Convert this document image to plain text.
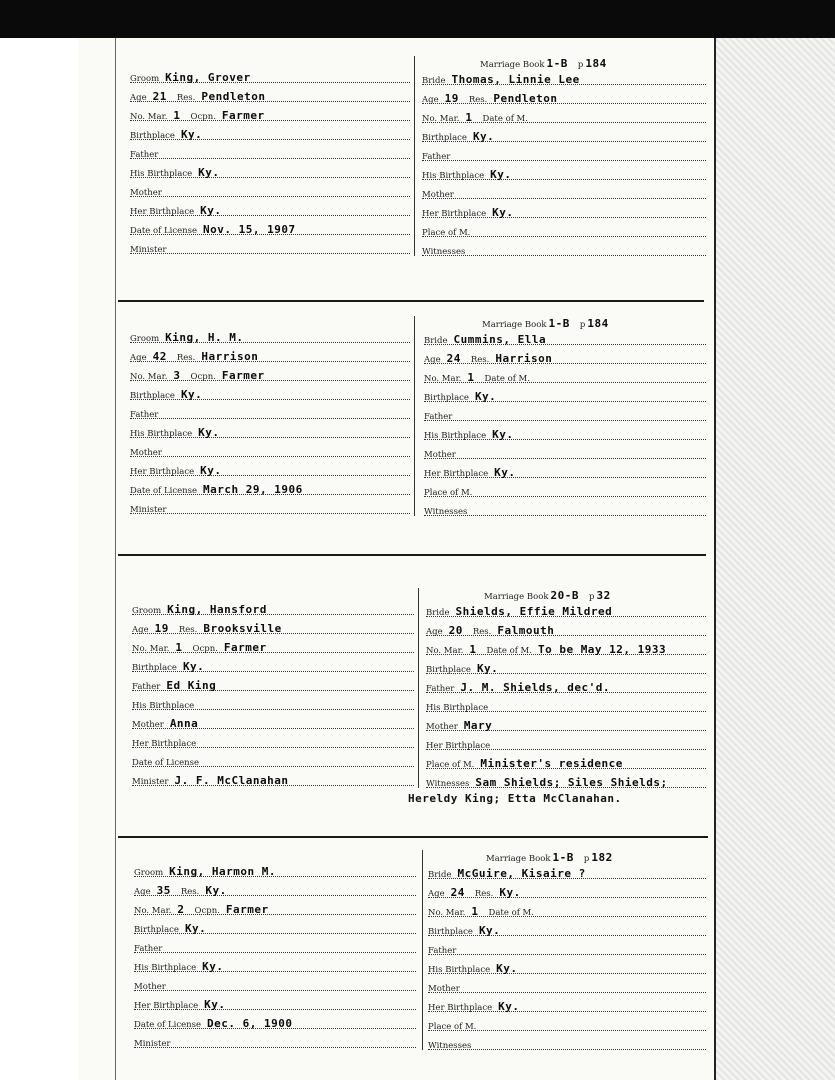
Marriage Book 1-B p 184
Groom King, Grover
Age 21 Res. Pendleton
No. Mar. 1 Ocpn. Farmer
Birthplace Ky.
Father
His Birthplace Ky.
Mother
Her Birthplace Ky.
Date of License Nov. 15, 1907
Minister
Bride Thomas, Linnie Lee
Age 19 Res. Pendleton
No. Mar. 1 Date of M.
Birthplace Ky.
Father
His Birthplace Ky.
Mother
Her Birthplace Ky.
Place of M.
Witnesses
Marriage Book 1-B p 184
Groom King, H. M.
Age 42 Res. Harrison
No. Mar. 3 Ocpn. Farmer
Birthplace Ky.
Father
His Birthplace Ky.
Mother
Her Birthplace Ky.
Date of License March 29, 1906
Minister
Bride Cummins, Ella
Age 24 Res. Harrison
No. Mar. 1 Date of M.
Birthplace Ky.
Father
His Birthplace Ky.
Mother
Her Birthplace Ky.
Place of M.
Witnesses
Marriage Book 20-B p 32
Groom King, Hansford
Age 19 Res. Brooksville
No. Mar. 1 Ocpn. Farmer
Birthplace Ky.
Father Ed King
His Birthplace
Mother Anna
Her Birthplace
Date of License
Minister J. F. McClanahan
Bride Shields, Effie Mildred
Age 20 Res. Falmouth
No. Mar. 1 Date of M. To be May 12, 1933
Birthplace Ky.
Father J. M. Shields, dec'd.
His Birthplace
Mother Mary
Her Birthplace
Place of M. Minister's residence
Witnesses Sam Shields; Siles Shields;
Hereldy King; Etta McClanahan.
Marriage Book 1-B p 182
Groom King, Harmon M.
Age 35 Res. Ky.
No. Mar. 2 Ocpn. Farmer
Birthplace Ky.
Father
His Birthplace Ky.
Mother
Her Birthplace Ky.
Date of License Dec. 6, 1900
Minister
Bride McGuire, Kisaire ?
Age 24 Res. Ky.
No. Mar. 1 Date of M.
Birthplace Ky.
Father
His Birthplace Ky.
Mother
Her Birthplace Ky.
Place of M.
Witnesses
